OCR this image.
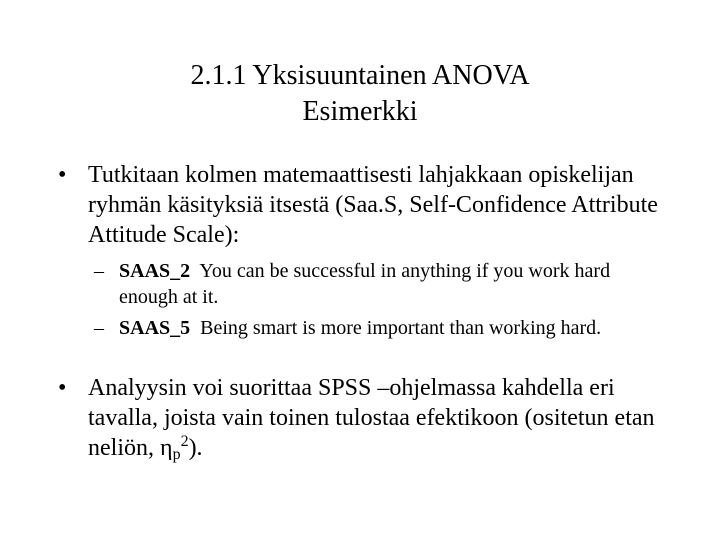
2.1.1 Yksisuuntainen ANOVA
Esimerkki
• Tutkitaan kolmen matemaattisesti lahjakkaan opiskelijan ryhmän käsityksiä itsestä (Saa.S, Self-Confidence Attribute Attitude Scale):
– SAAS_2  You can be successful in anything if you work hard enough at it.
– SAAS_5  Being smart is more important than working hard.
• Analyysin voi suorittaa SPSS –ohjelmassa kahdella eri tavalla, joista vain toinen tulostaa efektikoon (ositetun etan neliön, $\eta p^2$).
